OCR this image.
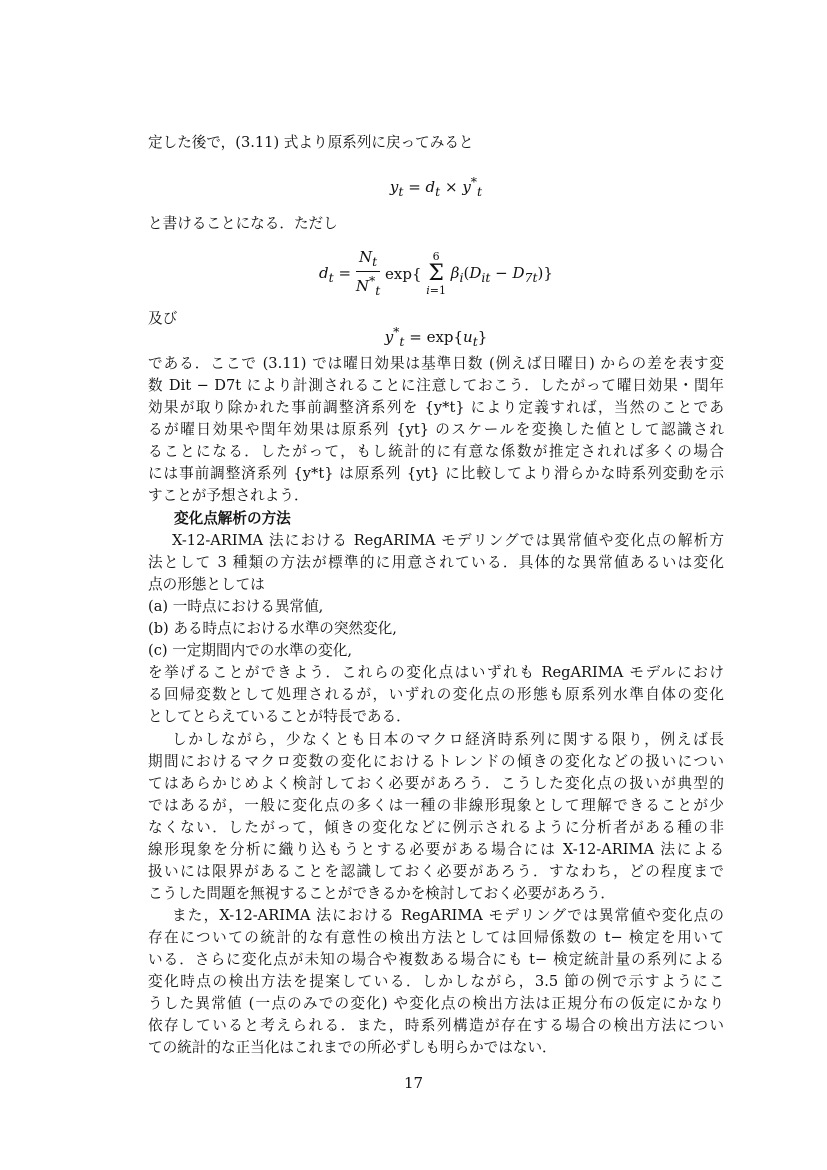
定した後で，(3.11) 式より原系列に戻ってみると
$y_t = d_t \times y^*_t$
と書けることになる．ただし
$d_t = \frac{N_t}{N^*_t} \exp${
6
Σ
i=1
$\beta_i(D_{it} - D_{7t})$}
及び
$y^*_t = \exp\{u_t\}$
である．ここで (3.11) では曜日効果は基準日数 (例えば日曜日) からの差を表す変
数 Dit − D7t により計測されることに注意しておこう．したがって曜日効果・閏年
効果が取り除かれた事前調整済系列を {y*t} により定義すれば，当然のことであ
るが曜日効果や閏年効果は原系列 {yt} のスケールを変換した値として認識され
ることになる．したがって，もし統計的に有意な係数が推定されれば多くの場合
には事前調整済系列 {y*t} は原系列 {yt} に比較してより滑らかな時系列変動を示
すことが予想されよう．
変化点解析の方法
X-12-ARIMA 法における RegARIMA モデリングでは異常値や変化点の解析方
法として 3 種類の方法が標準的に用意されている．具体的な異常値あるいは変化
点の形態としては
(a) 一時点における異常値,
(b) ある時点における水準の突然変化,
(c) 一定期間内での水準の変化,
を挙げることができよう．これらの変化点はいずれも RegARIMA モデルにおけ
る回帰変数として処理されるが，いずれの変化点の形態も原系列水準自体の変化
としてとらえていることが特長である．
しかしながら，少なくとも日本のマクロ経済時系列に関する限り，例えば長
期間におけるマクロ変数の変化におけるトレンドの傾きの変化などの扱いについ
てはあらかじめよく検討しておく必要があろう．こうした変化点の扱いが典型的
ではあるが，一般に変化点の多くは一種の非線形現象として理解できることが少
なくない．したがって，傾きの変化などに例示されるように分析者がある種の非
線形現象を分析に織り込もうとする必要がある場合には X-12-ARIMA 法による
扱いには限界があることを認識しておく必要があろう．すなわち，どの程度まで
こうした問題を無視することができるかを検討しておく必要があろう．
また，X-12-ARIMA 法における RegARIMA モデリングでは異常値や変化点の
存在についての統計的な有意性の検出方法としては回帰係数の t− 検定を用いて
いる．さらに変化点が未知の場合や複数ある場合にも t− 検定統計量の系列による
変化時点の検出方法を提案している．しかしながら，3.5 節の例で示すようにこ
うした異常値 (一点のみでの変化) や変化点の検出方法は正規分布の仮定にかなり
依存していると考えられる．また，時系列構造が存在する場合の検出方法につい
ての統計的な正当化はこれまでの所必ずしも明らかではない．
17
